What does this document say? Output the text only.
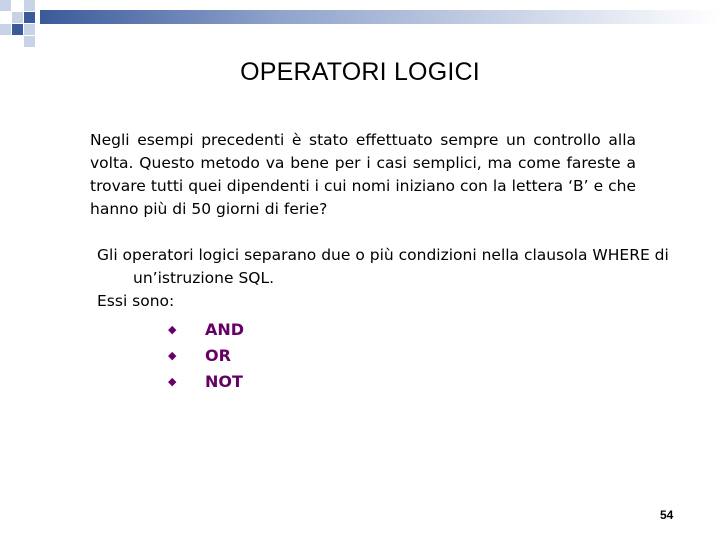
OPERATORI LOGICI

Negli esempi precedenti è stato effettuato sempre un controllo alla volta. Questo metodo va bene per i casi semplici, ma come fareste a trovare tutti quei dipendenti i cui nomi iniziano con la lettera ‘B’ e che hanno più di 50 giorni di ferie?

Gli operatori logici separano due o più condizioni nella clausola WHERE di un’istruzione SQL.

Essi sono:

◆ AND
◆ OR
◆ NOT
54
